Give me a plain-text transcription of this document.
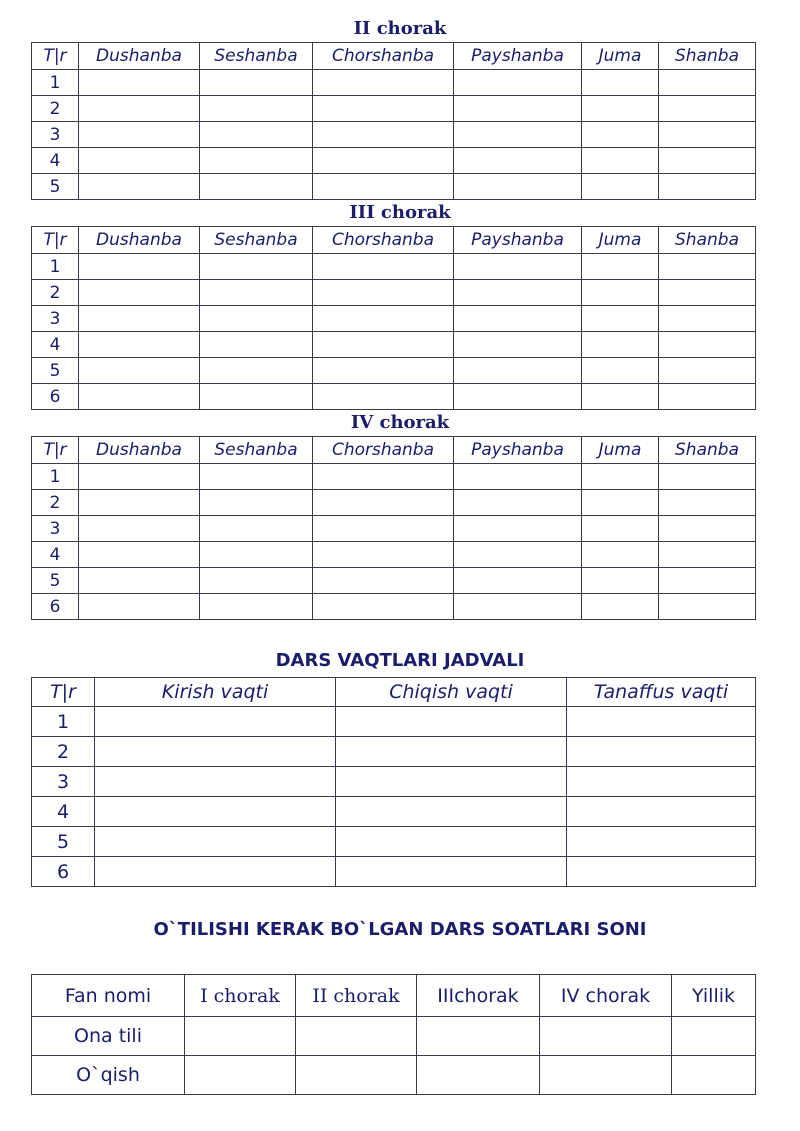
II chorak
T|r	Dushanba	Seshanba	Chorshanba	Payshanba	Juma	Shanba
1						
2						
3						
4						
5						
III chorak
T|r	Dushanba	Seshanba	Chorshanba	Payshanba	Juma	Shanba
1						
2						
3						
4						
5						
6						
IV chorak
T|r	Dushanba	Seshanba	Chorshanba	Payshanba	Juma	Shanba
1						
2						
3						
4						
5						
6						
DARS VAQTLARI JADVALI
T|r	Kirish vaqti	Chiqish vaqti	Tanaffus vaqti
1			
2			
3			
4			
5			
6			
O`TILISHI KERAK BO`LGAN DARS SOATLARI SONI
Fan nomi	I chorak	II chorak	IIIchorak	IV chorak	Yillik
Ona tili					
O`qish					
